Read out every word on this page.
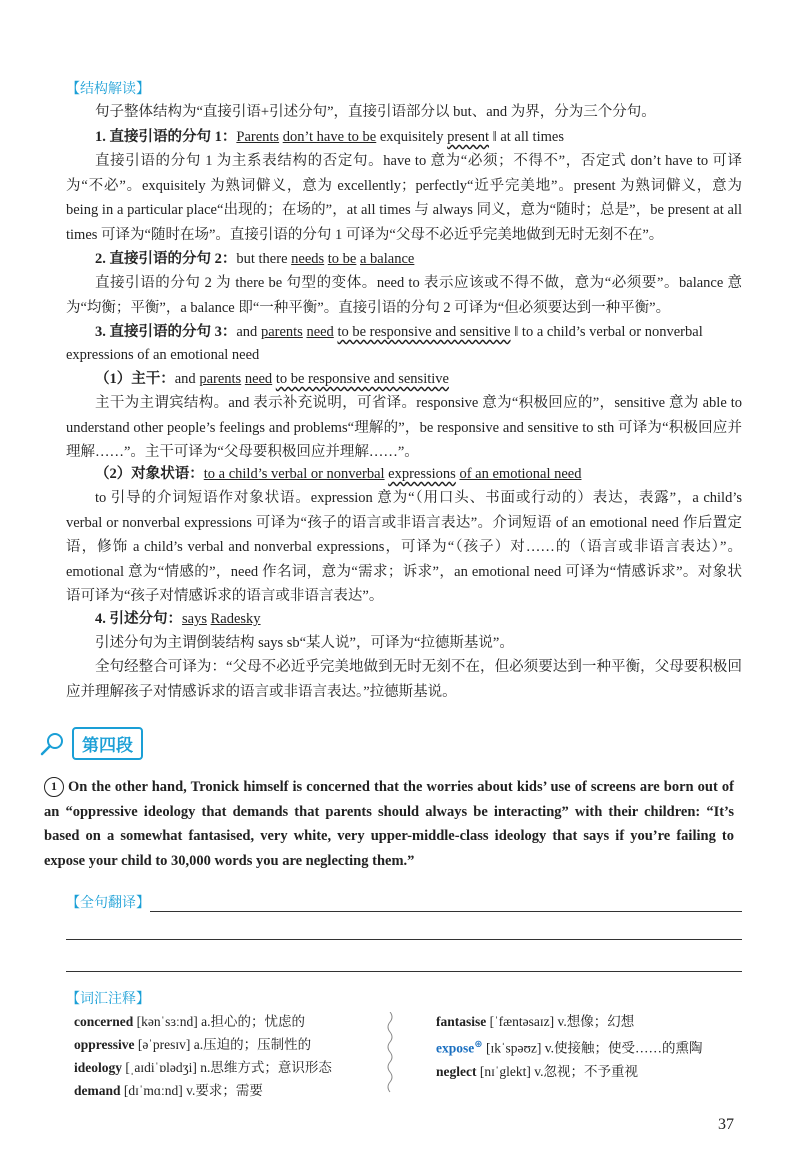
【结构解读】
句子整体结构为“直接引语+引述分句”，直接引语部分以 but、and 为界，分为三个分句。
1. 直接引语的分句 1：Parents don’t have to be exquisitely present ‖ at all times
直接引语的分句 1 为主系表结构的否定句。have to 意为“必须；不得不”，否定式 don’t have to 可译为“不必”。exquisitely 为熟词僻义，意为 excellently；perfectly“近乎完美地”。present 为熟词僻义，意为 being in a particular place“出现的；在场的”，at all times 与 always 同义，意为“随时；总是”，be present at all times 可译为“随时在场”。直接引语的分句 1 可译为“父母不必近乎完美地做到无时无刻不在”。
2. 直接引语的分句 2：but there needs to be a balance
直接引语的分句 2 为 there be 句型的变体。need to 表示应该或不得不做，意为“必须要”。balance 意为“均衡；平衡”，a balance 即“一种平衡”。直接引语的分句 2 可译为“但必须要达到一种平衡”。
3. 直接引语的分句 3：and parents need to be responsive and sensitive ‖ to a child’s verbal or nonverbal
expressions of an emotional need
（1）主干：and parents need to be responsive and sensitive
主干为主谓宾结构。and 表示补充说明，可省译。responsive 意为“积极回应的”，sensitive 意为 able to understand other people’s feelings and problems“理解的”，be responsive and sensitive to sth 可译为“积极回应并理解……”。主干可译为“父母要积极回应并理解……”。
（2）对象状语：to a child’s verbal or nonverbal expressions of an emotional need
to 引导的介词短语作对象状语。expression 意为“（用口头、书面或行动的）表达，表露”，a child’s verbal or nonverbal expressions 可译为“孩子的语言或非语言表达”。介词短语 of an emotional need 作后置定语，修饰 a child’s verbal and nonverbal expressions，可译为“（孩子）对……的（语言或非语言表达）”。emotional 意为“情感的”，need 作名词，意为“需求；诉求”，an emotional need 可译为“情感诉求”。对象状语可译为“孩子对情感诉求的语言或非语言表达”。
4. 引述分句：says Radesky
引述分句为主谓倒装结构 says sb“某人说”，可译为“拉德斯基说”。
全句经整合可译为：“父母不必近乎完美地做到无时无刻不在，但必须要达到一种平衡，父母要积极回应并理解孩子对情感诉求的语言或非语言表达。”拉德斯基说。
第四段
1 On the other hand, Tronick himself is concerned that the worries about kids’ use of screens are born out of an “oppressive ideology that demands that parents should always be interacting” with their children: “It’s based on a somewhat fantasised, very white, very upper-middle-class ideology that says if you’re failing to expose your child to 30,000 words you are neglecting them.”
【全句翻译】
【词汇注释】
concerned [kənˈsɜːnd] a.担心的；忧虑的
oppressive [əˈpresɪv] a.压迫的；压制性的
ideology [ˌaɪdiˈɒlədʒi] n.思维方式；意识形态
demand [dɪˈmɑːnd] v.要求；需要
fantasise [ˈfæntəsaɪz] v.想像；幻想
expose⊛ [ɪkˈspəʊz] v.使接触；使受……的熏陶
neglect [nɪˈglekt] v.忽视；不予重视
37
